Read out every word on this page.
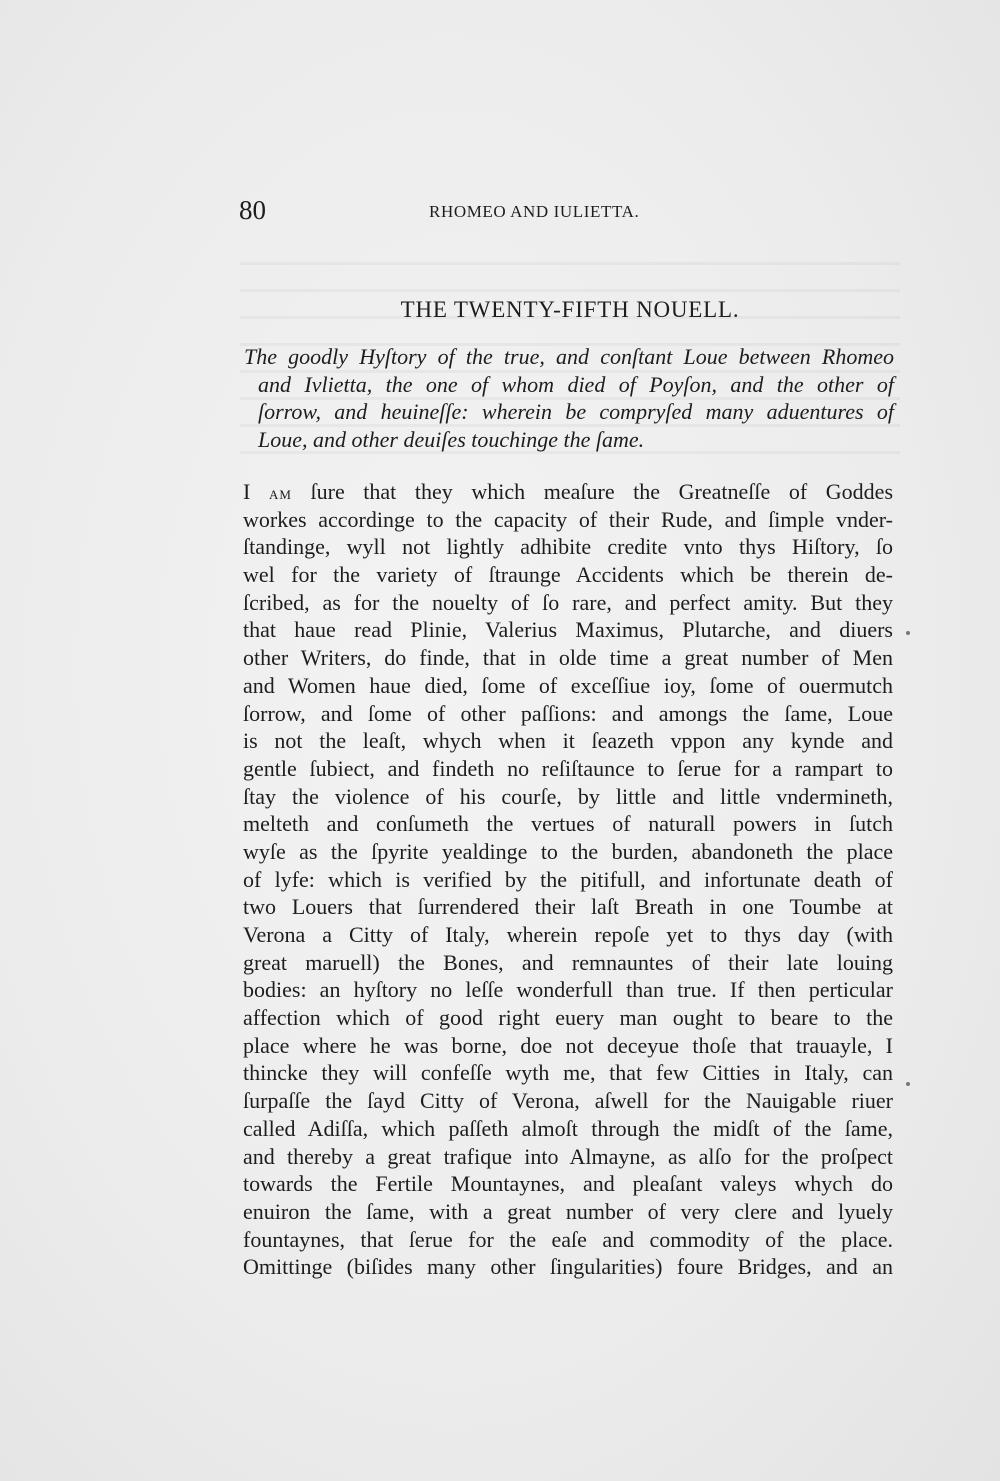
80	RHOMEO AND IULIETTA.
THE TWENTY-FIFTH NOUELL.
The goodly Hyſtory of the true, and conſtant Loue between Rhomeo
and Ivlietta, the one of whom died of Poyſon, and the other of
ſorrow, and heuineſſe: wherein be compryſed many aduentures of
Loue, and other deuiſes touchinge the ſame.
I am ſure that they which meaſure the Greatneſſe of Goddes
workes accordinge to the capacity of their Rude, and ſimple vnder-
ſtandinge, wyll not lightly adhibite credite vnto thys Hiſtory, ſo
wel for the variety of ſtraunge Accidents which be therein de-
ſcribed, as for the nouelty of ſo rare, and perfect amity. But they
that haue read Plinie, Valerius Maximus, Plutarche, and diuers
other Writers, do finde, that in olde time a great number of Men
and Women haue died, ſome of exceſſiue ioy, ſome of ouermutch
ſorrow, and ſome of other paſſions: and amongs the ſame, Loue
is not the leaſt, whych when it ſeazeth vppon any kynde and
gentle ſubiect, and findeth no reſiſtaunce to ſerue for a rampart to
ſtay the violence of his courſe, by little and little vndermineth,
melteth and conſumeth the vertues of naturall powers in ſutch
wyſe as the ſpyrite yealdinge to the burden, abandoneth the place
of lyfe: which is verified by the pitifull, and infortunate death of
two Louers that ſurrendered their laſt Breath in one Toumbe at
Verona a Citty of Italy, wherein repoſe yet to thys day (with
great maruell) the Bones, and remnauntes of their late louing
bodies: an hyſtory no leſſe wonderfull than true. If then perticular
affection which of good right euery man ought to beare to the
place where he was borne, doe not deceyue thoſe that trauayle, I
thincke they will confeſſe wyth me, that few Citties in Italy, can
ſurpaſſe the ſayd Citty of Verona, aſwell for the Nauigable riuer
called Adiſſa, which paſſeth almoſt through the midſt of the ſame,
and thereby a great trafique into Almayne, as alſo for the proſpect
towards the Fertile Mountaynes, and pleaſant valeys whych do
enuiron the ſame, with a great number of very clere and lyuely
fountaynes, that ſerue for the eaſe and commodity of the place.
Omittinge (biſides many other ſingularities) foure Bridges, and an
